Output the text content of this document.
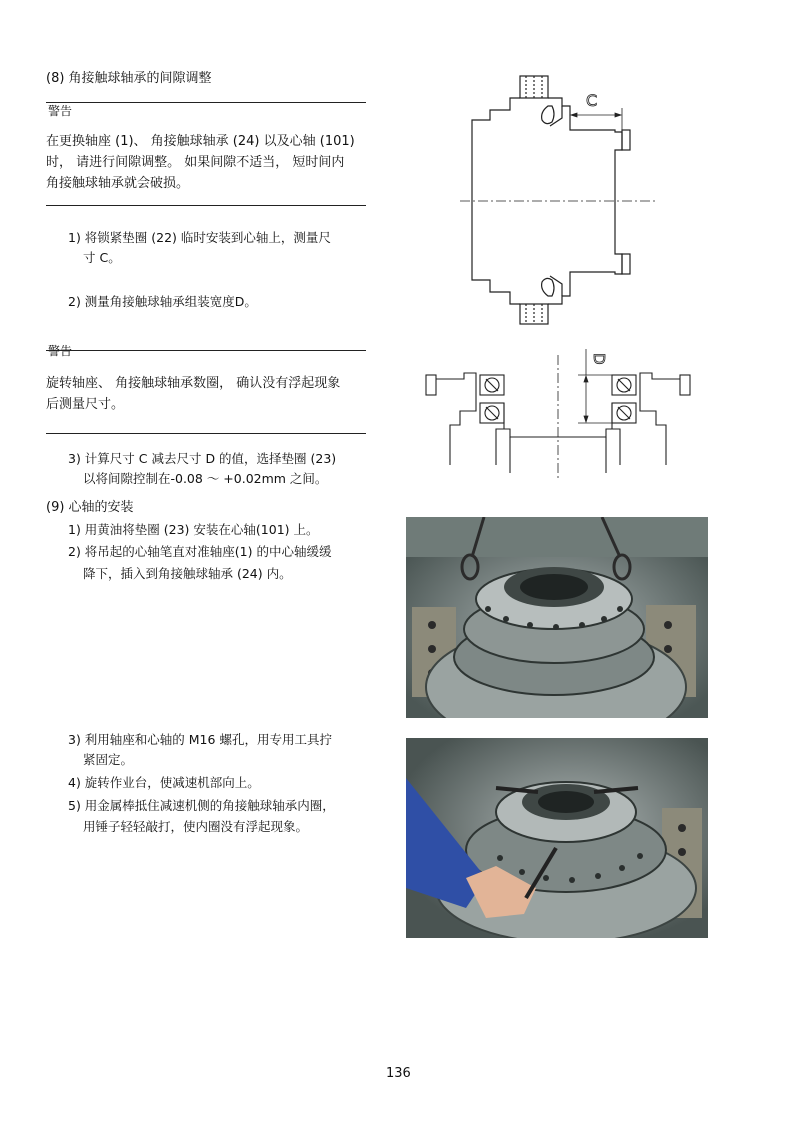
(8) 角接触球轴承的间隙调整
警告
在更换轴座 (1)、 角接触球轴承 (24) 以及心轴 (101)
时， 请进行间隙调整。 如果间隙不适当， 短时间内
角接触球轴承就会破损。
1) 将锁紧垫圈 (22) 临时安装到心轴上，测量尺
寸 C。
2) 测量角接触球轴承组装宽度D。
警告
旋转轴座、 角接触球轴承数圈， 确认没有浮起现象
后测量尺寸。
3) 计算尺寸 C 减去尺寸 D 的值，选择垫圈 (23)
以将间隙控制在-0.08 ～ +0.02mm 之间。
(9) 心轴的安装
1) 用黄油将垫圈 (23) 安装在心轴(101) 上。
2) 将吊起的心轴笔直对准轴座(1) 的中心轴缓缓
降下，插入到角接触球轴承 (24) 内。
3) 利用轴座和心轴的 M16 螺孔，用专用工具拧
紧固定。
4) 旋转作业台，使减速机部向上。
5) 用金属棒抵住减速机侧的角接触球轴承内圈，
用锤子轻轻敲打，使内圈没有浮起现象。
C
D
136
